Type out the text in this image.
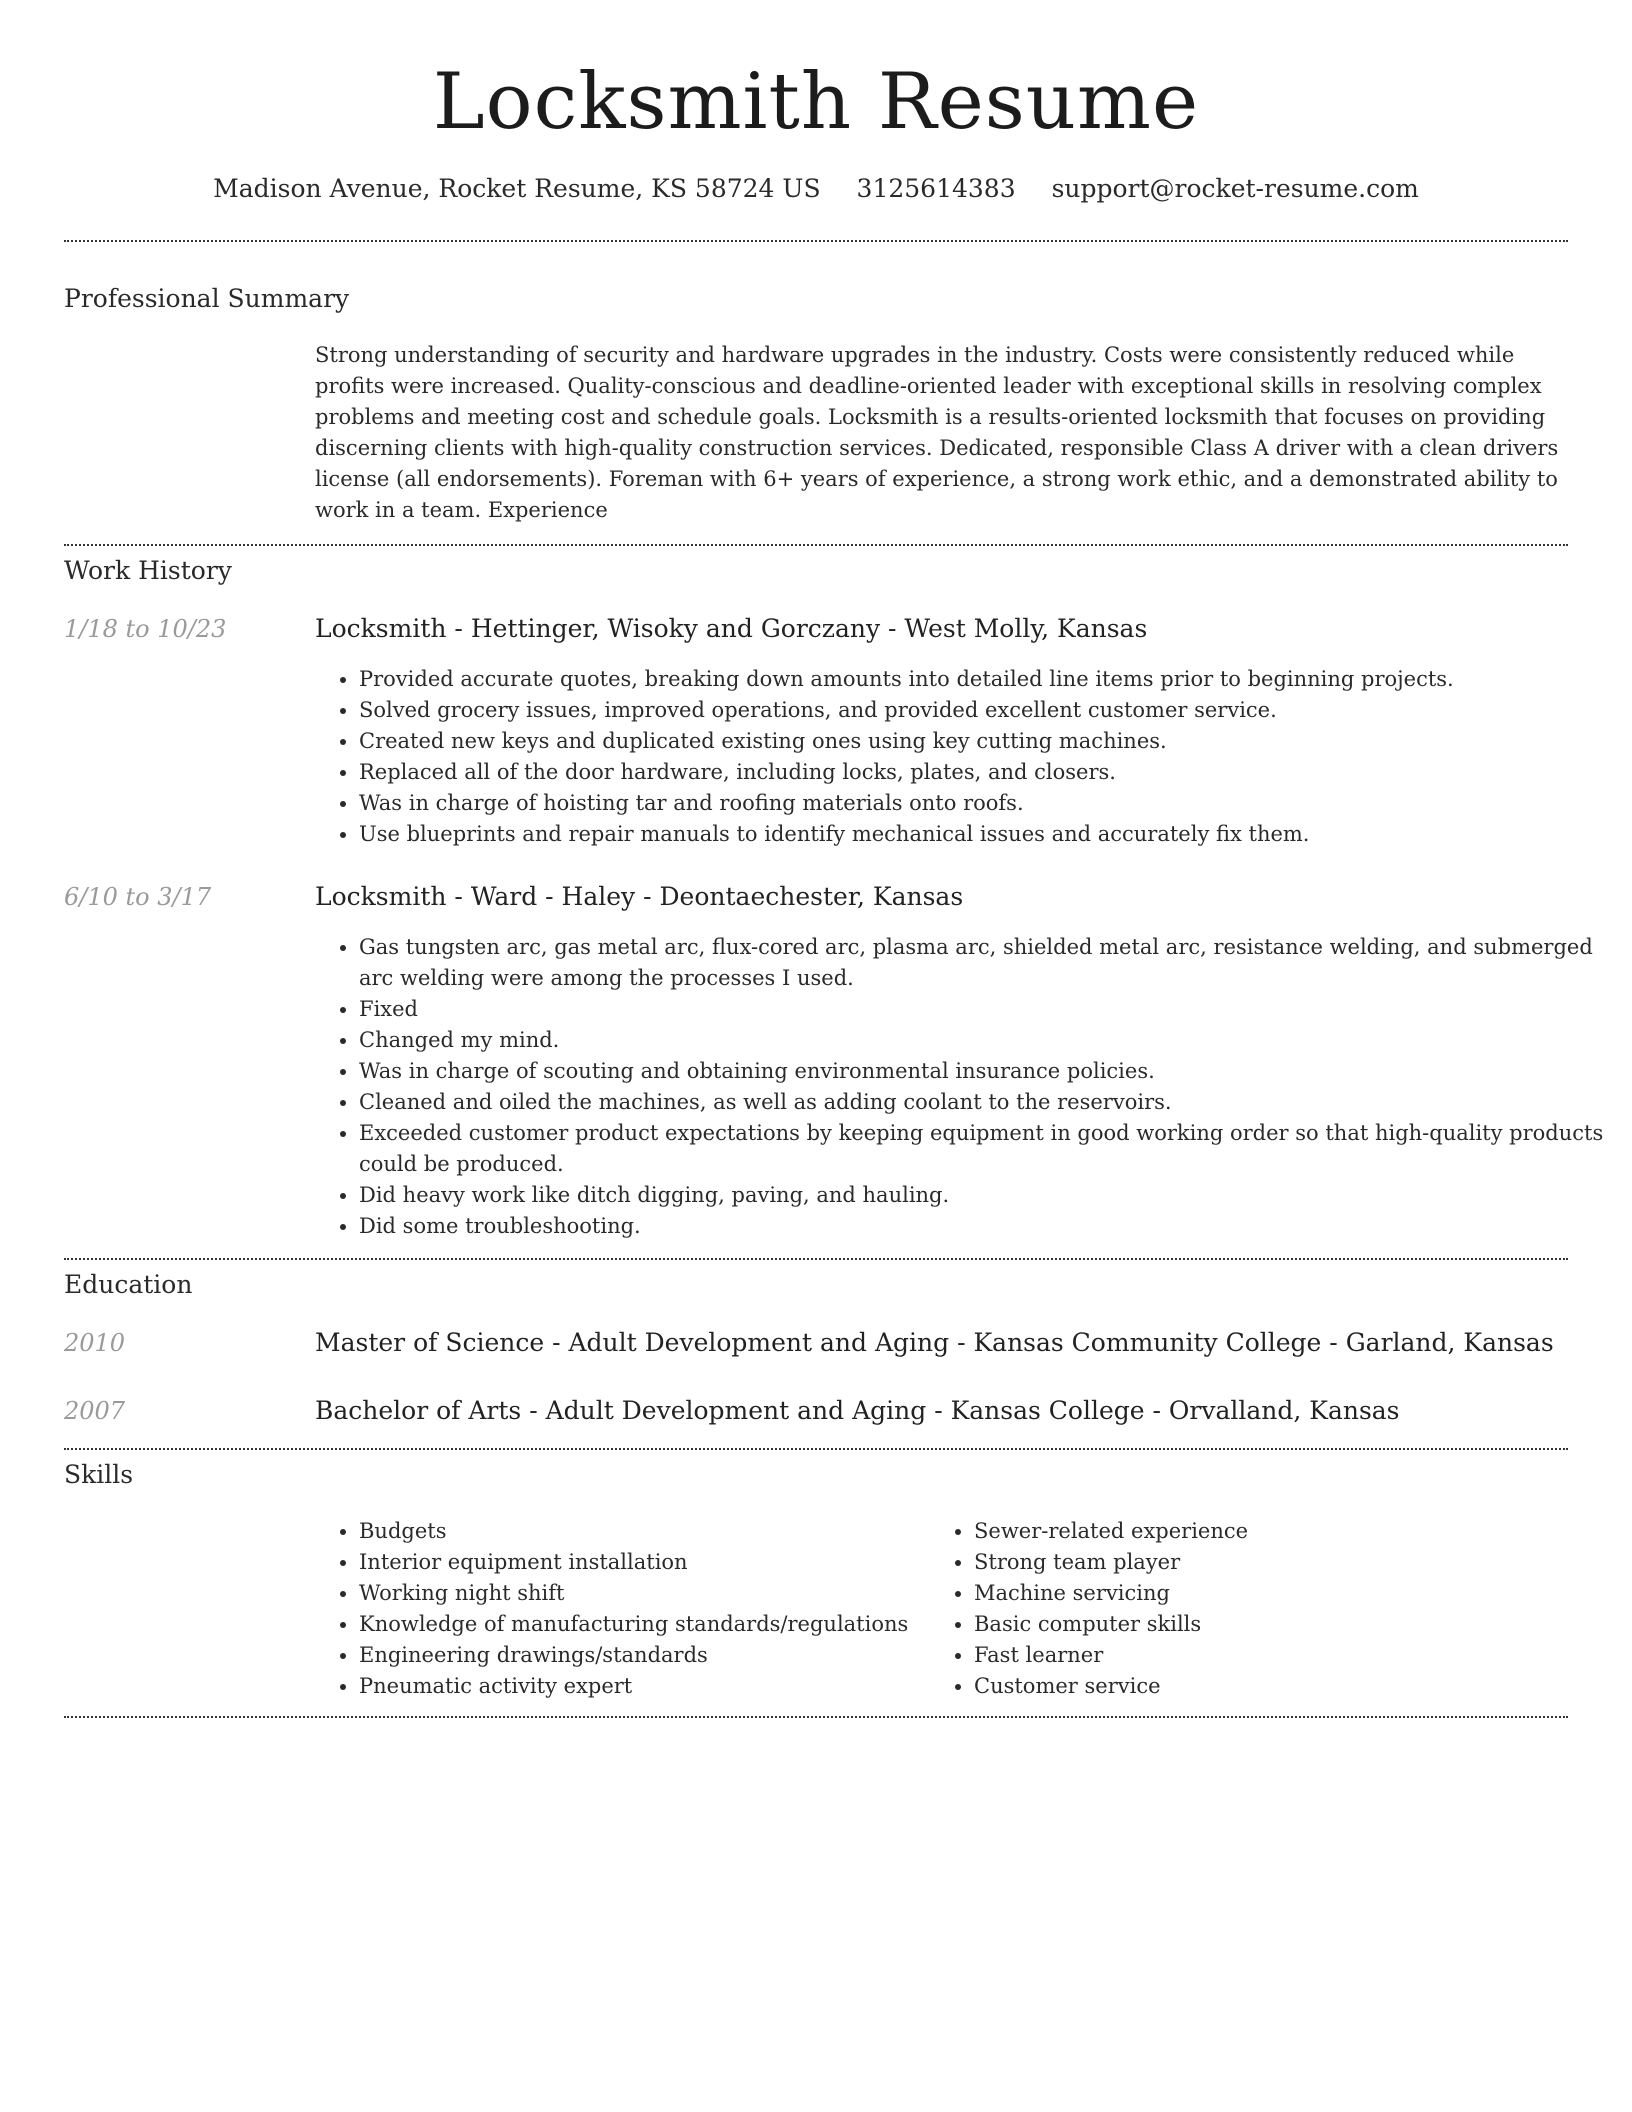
Locksmith Resume
Madison Avenue, Rocket Resume, KS 58724 US 3125614383 support@rocket-resume.com
Professional Summary

Strong understanding of security and hardware upgrades in the industry. Costs were consistently reduced while profits were increased. Quality-conscious and deadline-oriented leader with exceptional skills in resolving complex problems and meeting cost and schedule goals. Locksmith is a results-oriented locksmith that focuses on providing discerning clients with high-quality construction services. Dedicated, responsible Class A driver with a clean drivers license (all endorsements). Foreman with 6+ years of experience, a strong work ethic, and a demonstrated ability to work in a team. Experience

Work History
1/18 to 10/23	Locksmith - Hettinger, Wisoky and Gorczany - West Molly, Kansas
• Provided accurate quotes, breaking down amounts into detailed line items prior to beginning projects.
• Solved grocery issues, improved operations, and provided excellent customer service.
• Created new keys and duplicated existing ones using key cutting machines.
• Replaced all of the door hardware, including locks, plates, and closers.
• Was in charge of hoisting tar and roofing materials onto roofs.
• Use blueprints and repair manuals to identify mechanical issues and accurately fix them.
6/10 to 3/17	Locksmith - Ward - Haley - Deontaechester, Kansas
• Gas tungsten arc, gas metal arc, flux-cored arc, plasma arc, shielded metal arc, resistance welding, and submerged arc welding were among the processes I used.
• Fixed
• Changed my mind.
• Was in charge of scouting and obtaining environmental insurance policies.
• Cleaned and oiled the machines, as well as adding coolant to the reservoirs.
• Exceeded customer product expectations by keeping equipment in good working order so that high-quality products could be produced.
• Did heavy work like ditch digging, paving, and hauling.
• Did some troubleshooting.
Education
2010	Master of Science - Adult Development and Aging - Kansas Community College - Garland, Kansas
2007	Bachelor of Arts - Adult Development and Aging - Kansas College - Orvalland, Kansas
Skills
• Budgets
• Interior equipment installation
• Working night shift
• Knowledge of manufacturing standards/regulations
• Engineering drawings/standards
• Pneumatic activity expert
• Sewer-related experience
• Strong team player
• Machine servicing
• Basic computer skills
• Fast learner
• Customer service
